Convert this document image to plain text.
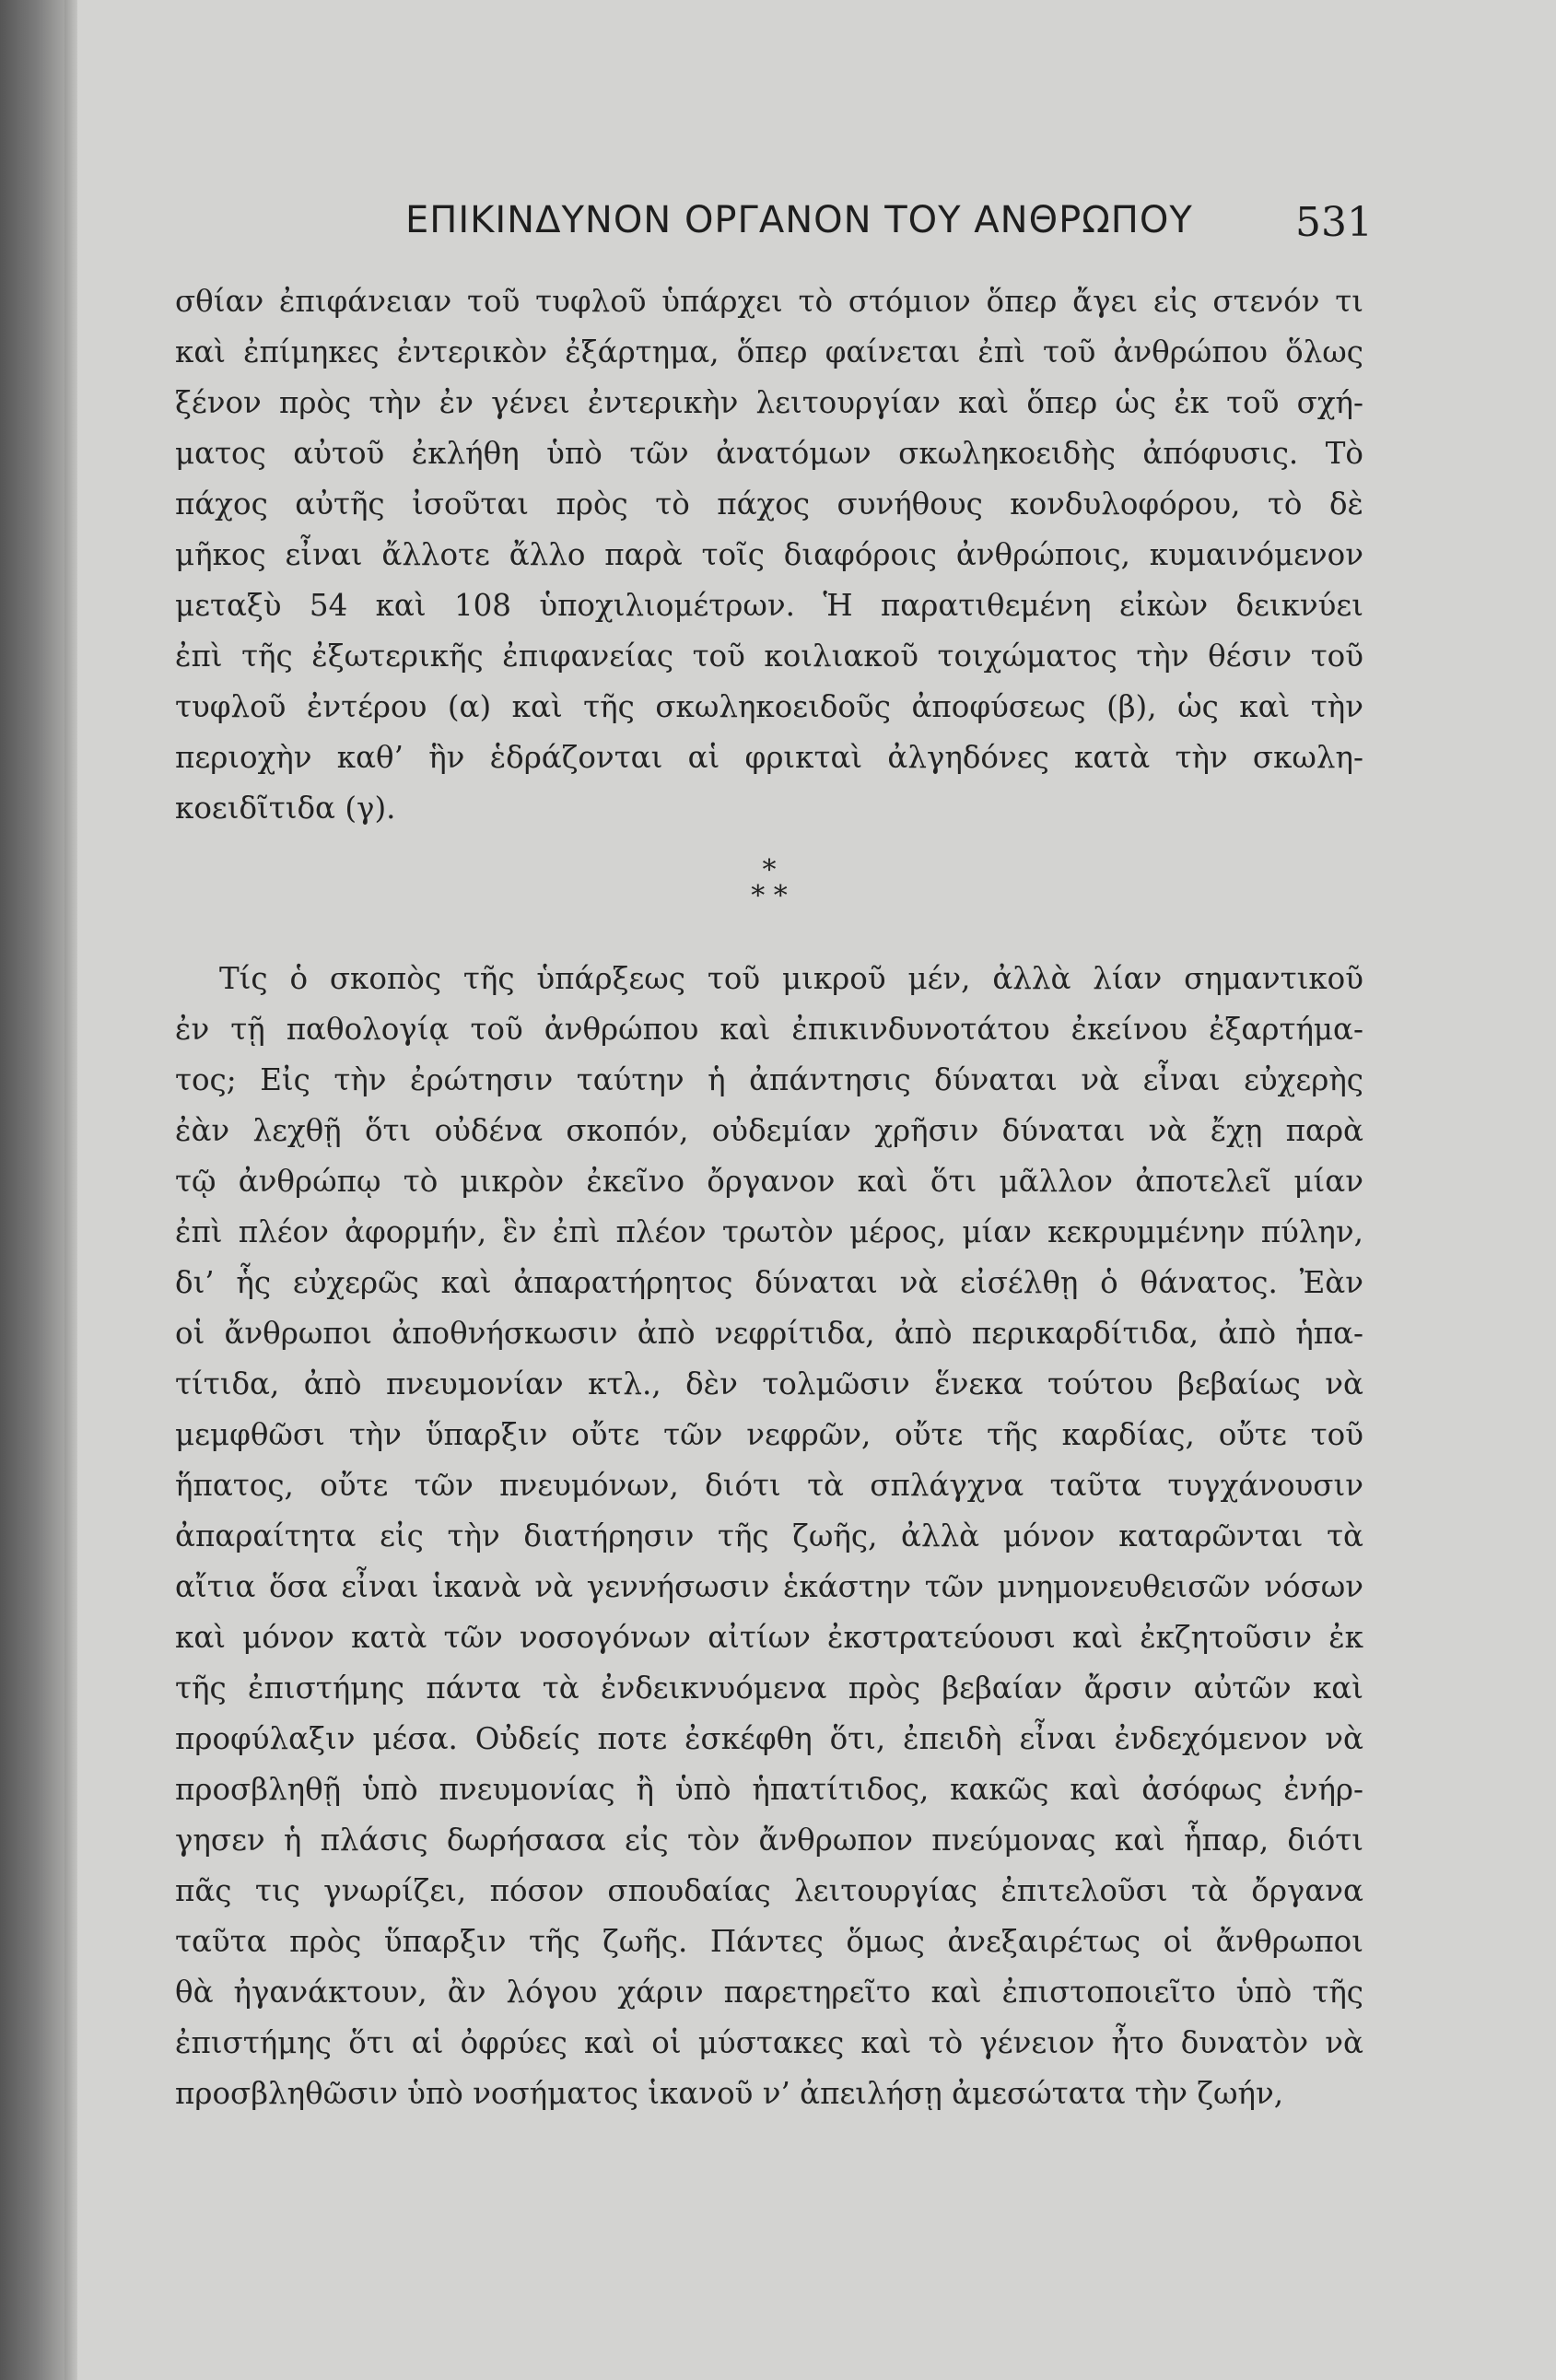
ΕΠΙΚΙΝΔΥΝΟΝ ΟΡΓΑΝΟΝ ΤΟΥ ΑΝΘΡΩΠΟΥ	531
σθίαν ἐπιφάνειαν τοῦ τυφλοῦ ὑπάρχει τὸ στόμιον ὅπερ ἄγει εἰς στενόν τι
καὶ ἐπίμηκες ἐντερικὸν ἐξάρτημα, ὅπερ φαίνεται ἐπὶ τοῦ ἀνθρώπου ὅλως
ξένον πρὸς τὴν ἐν γένει ἐντερικὴν λειτουργίαν καὶ ὅπερ ὡς ἐκ τοῦ σχή-
ματος αὐτοῦ ἐκλήθη ὑπὸ τῶν ἀνατόμων σκωληκοειδὴς ἀπόφυσις. Τὸ
πάχος αὐτῆς ἰσοῦται πρὸς τὸ πάχος συνήθους κονδυλοφόρου, τὸ δὲ
μῆκος εἶναι ἄλλοτε ἄλλο παρὰ τοῖς διαφόροις ἀνθρώποις, κυμαινόμενον
μεταξὺ 54 καὶ 108 ὑποχιλιομέτρων. Ἡ παρατιθεμένη εἰκὼν δεικνύει
ἐπὶ τῆς ἐξωτερικῆς ἐπιφανείας τοῦ κοιλιακοῦ τοιχώματος τὴν θέσιν τοῦ
τυφλοῦ ἐντέρου (α) καὶ τῆς σκωληκοειδοῦς ἀποφύσεως (β), ὡς καὶ τὴν
περιοχὴν καθ’ ἣν ἑδράζονται αἱ φρικταὶ ἀλγηδόνες κατὰ τὴν σκωλη-
κοειδῖτιδα (γ).
*
* *
Τίς ὁ σκοπὸς τῆς ὑπάρξεως τοῦ μικροῦ μέν, ἀλλὰ λίαν σημαντικοῦ
ἐν τῇ παθολογίᾳ τοῦ ἀνθρώπου καὶ ἐπικινδυνοτάτου ἐκείνου ἐξαρτήμα-
τος; Εἰς τὴν ἐρώτησιν ταύτην ἡ ἀπάντησις δύναται νὰ εἶναι εὐχερὴς
ἐὰν λεχθῇ ὅτι οὐδένα σκοπόν, οὐδεμίαν χρῆσιν δύναται νὰ ἔχῃ παρὰ
τῷ ἀνθρώπῳ τὸ μικρὸν ἐκεῖνο ὄργανον καὶ ὅτι μᾶλλον ἀποτελεῖ μίαν
ἐπὶ πλέον ἀφορμήν, ἓν ἐπὶ πλέον τρωτὸν μέρος, μίαν κεκρυμμένην πύλην,
δι’ ἧς εὐχερῶς καὶ ἀπαρατήρητος δύναται νὰ εἰσέλθῃ ὁ θάνατος. Ἐὰν
οἱ ἄνθρωποι ἀποθνήσκωσιν ἀπὸ νεφρίτιδα, ἀπὸ περικαρδίτιδα, ἀπὸ ἡπα-
τίτιδα, ἀπὸ πνευμονίαν κτλ., δὲν τολμῶσιν ἕνεκα τούτου βεβαίως νὰ
μεμφθῶσι τὴν ὕπαρξιν οὔτε τῶν νεφρῶν, οὔτε τῆς καρδίας, οὔτε τοῦ
ἥπατος, οὔτε τῶν πνευμόνων, διότι τὰ σπλάγχνα ταῦτα τυγχάνουσιν
ἀπαραίτητα εἰς τὴν διατήρησιν τῆς ζωῆς, ἀλλὰ μόνον καταρῶνται τὰ
αἴτια ὅσα εἶναι ἱκανὰ νὰ γεννήσωσιν ἑκάστην τῶν μνημονευθεισῶν νόσων
καὶ μόνον κατὰ τῶν νοσογόνων αἰτίων ἐκστρατεύουσι καὶ ἐκζητοῦσιν ἐκ
τῆς ἐπιστήμης πάντα τὰ ἐνδεικνυόμενα πρὸς βεβαίαν ἄρσιν αὐτῶν καὶ
προφύλαξιν μέσα. Οὐδείς ποτε ἐσκέφθη ὅτι, ἐπειδὴ εἶναι ἐνδεχόμενον νὰ
προσβληθῇ ὑπὸ πνευμονίας ἢ ὑπὸ ἡπατίτιδος, κακῶς καὶ ἀσόφως ἐνήρ-
γησεν ἡ πλάσις δωρήσασα εἰς τὸν ἄνθρωπον πνεύμονας καὶ ἧπαρ, διότι
πᾶς τις γνωρίζει, πόσον σπουδαίας λειτουργίας ἐπιτελοῦσι τὰ ὄργανα
ταῦτα πρὸς ὕπαρξιν τῆς ζωῆς. Πάντες ὅμως ἀνεξαιρέτως οἱ ἄνθρωποι
θὰ ἠγανάκτουν, ἂν λόγου χάριν παρετηρεῖτο καὶ ἐπιστοποιεῖτο ὑπὸ τῆς
ἐπιστήμης ὅτι αἱ ὀφρύες καὶ οἱ μύστακες καὶ τὸ γένειον ἦτο δυνατὸν νὰ
προσβληθῶσιν ὑπὸ νοσήματος ἱκανοῦ ν’ ἀπειλήσῃ ἀμεσώτατα τὴν ζωήν,
